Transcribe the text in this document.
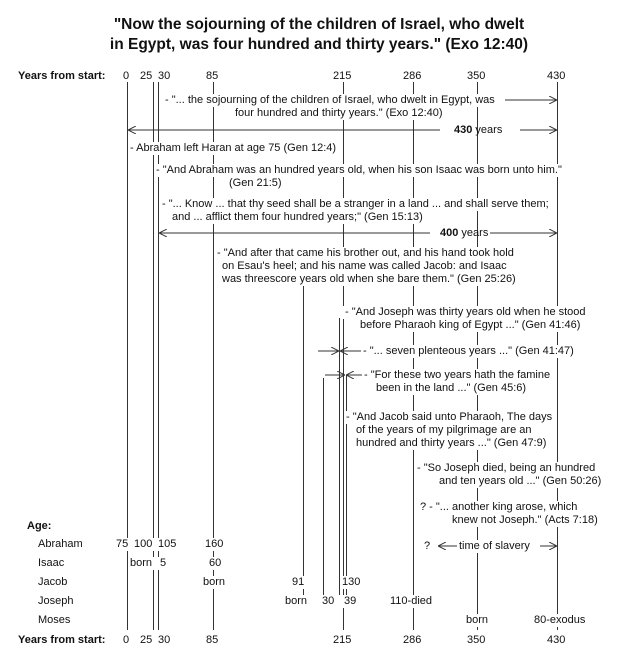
"Now the sojourning of the children of Israel, who dwelt
in Egypt, was four hundred and thirty years." (Exo 12:40)
Years from start: 0 25 30	85	215	286	350	430
- "... the sojourning of the children of Israel, who dwelt in Egypt, was
four hundred and thirty years." (Exo 12:40)
430 years
- Abraham left Haran at age 75 (Gen 12:4)
- "And Abraham was an hundred years old, when his son Isaac was born unto him."
(Gen 21:5)
- "... Know ... that thy seed shall be a stranger in a land ... and shall serve them;
and ... afflict them four hundred years;" (Gen 15:13)
400 years
- "And after that came his brother out, and his hand took hold
on Esau's heel; and his name was called Jacob: and Isaac
was threescore years old when she bare them." (Gen 25:26)
- "And Joseph was thirty years old when he stood
before Pharaoh king of Egypt ..." (Gen 41:46)
- "... seven plenteous years ..." (Gen 41:47)
- "For these two years hath the famine
been in the land ..." (Gen 45:6)
- "And Jacob said unto Pharaoh, The days
of the years of my pilgrimage are an
hundred and thirty years ..." (Gen 47:9)
- "So Joseph died, being an hundred
and ten years old ..." (Gen 50:26)
? - "... another king arose, which
knew not Joseph." (Acts 7:18)
?	time of slavery
Age:
Abraham	75 100 105	160
Isaac	born 5	60
Jacob	born	91	130
Joseph	born 30 39	110-died
Moses	born	80-exodus
Years from start: 0 25 30	85	215	286	350	430
